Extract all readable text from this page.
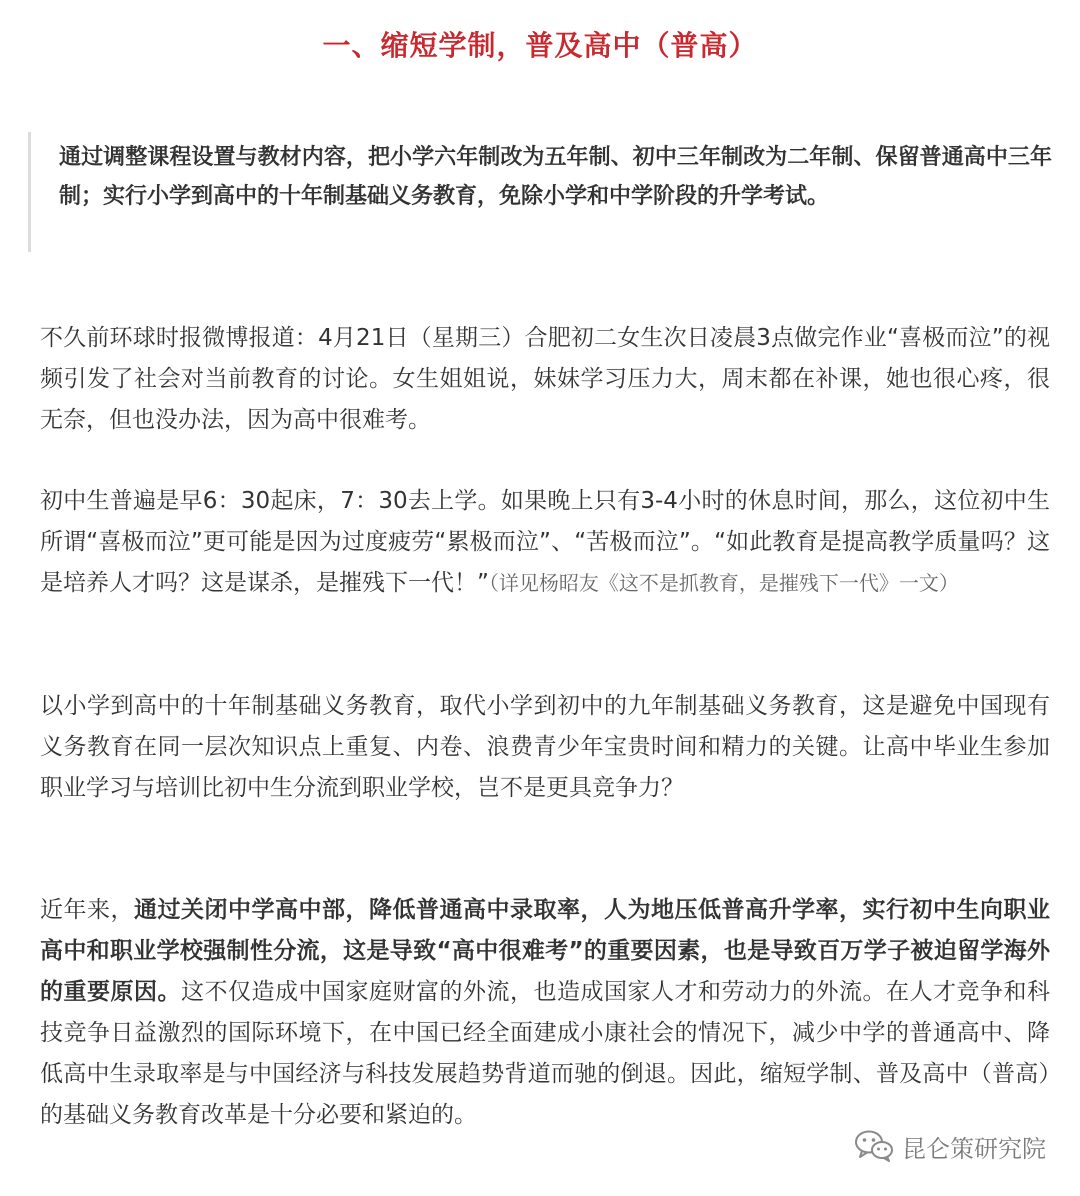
一、缩短学制，普及高中（普高）

通过调整课程设置与教材内容，把小学六年制改为五年制、初中三年制改为二年制、保留普通高中三年制；实行小学到高中的十年制基础义务教育，免除小学和中学阶段的升学考试。

不久前环球时报微博报道：4月21日（星期三）合肥初二女生次日凌晨3点做完作业“喜极而泣”的视频引发了社会对当前教育的讨论。女生姐姐说，妹妹学习压力大，周末都在补课，她也很心疼，很无奈，但也没办法，因为高中很难考。

初中生普遍是早6：30起床，7：30去上学。如果晚上只有3-4小时的休息时间，那么，这位初中生所谓“喜极而泣”更可能是因为过度疲劳“累极而泣”、“苦极而泣”。“如此教育是提高教学质量吗？这是培养人才吗？这是谋杀，是摧残下一代！”（详见杨昭友《这不是抓教育，是摧残下一代》一文）

以小学到高中的十年制基础义务教育，取代小学到初中的九年制基础义务教育，这是避免中国现有义务教育在同一层次知识点上重复、内卷、浪费青少年宝贵时间和精力的关键。让高中毕业生参加职业学习与培训比初中生分流到职业学校，岂不是更具竞争力？

近年来，通过关闭中学高中部，降低普通高中录取率，人为地压低普高升学率，实行初中生向职业高中和职业学校强制性分流，这是导致“高中很难考”的重要因素，也是导致百万学子被迫留学海外的重要原因。这不仅造成中国家庭财富的外流，也造成国家人才和劳动力的外流。在人才竞争和科技竞争日益激烈的国际环境下，在中国已经全面建成小康社会的情况下，减少中学的普通高中、降低高中生录取率是与中国经济与科技发展趋势背道而驰的倒退。因此，缩短学制、普及高中（普高）的基础义务教育改革是十分必要和紧迫的。

昆仑策研究院
